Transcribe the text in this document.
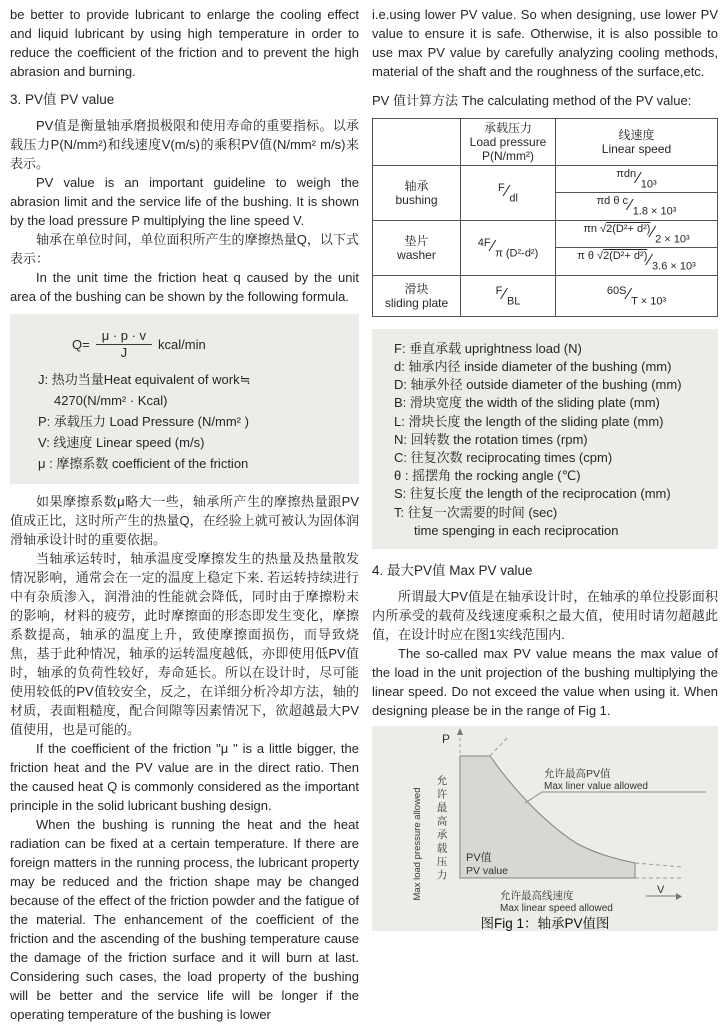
be better to provide lubricant to enlarge the cooling effect and liquid lubricant by using high temperature in order to reduce the coefficient of the friction and to prevent the high abrasion and burning.

3. PV值 PV value

PV值是衡量轴承磨损极限和使用寿命的重要指标。以承载压力P(N/mm²)和线速度V(m/s)的乘积PV值(N/mm² m/s)来表示。

PV value is an important guideline to weigh the abrasion limit and the service life of the bushing. It is shown by the load pressure P multiplying the line speed V.

轴承在单位时间，单位面积所产生的摩擦热量Q，以下式表示：

In the unit time the friction heat q caused by the unit area of the bushing can be shown by the following formula.

$Q= \frac{\mu \cdot p \cdot v}{J}$ kcal/min
J: 热功当量Heat equivalent of work≒
4270(N/mm² · Kcal)
P: 承载压力 Load Pressure (N/mm² )
V: 线速度 Linear speed (m/s)
μ : 摩擦系数 coefficient of the friction

如果摩擦系数μ略大一些，轴承所产生的摩擦热量跟PV值成正比，这时所产生的热量Q，在经验上就可被认为固体润滑轴承设计时的重要依据。

当轴承运转时，轴承温度受摩擦发生的热量及热量散发情况影响，通常会在一定的温度上稳定下来. 若运转持续进行中有杂质渗入，润滑油的性能就会降低，同时由于摩擦粉末的影响，材料的疲劳，此时摩擦面的形态即发生变化，摩擦系数提高，轴承的温度上升，致使摩擦面损伤，而导致烧焦，基于此种情况，轴承的运转温度越低，亦即使用低PV值时，轴承的负荷性较好，寿命延长。所以在设计时，尽可能使用较低的PV值较安全，反之，在详细分析冷却方法，轴的材质，表面粗糙度，配合间隙等因素情况下，欲超越最大PV值使用，也是可能的。

If the coefficient of the friction "μ " is a little bigger, the friction heat and the PV value are in the direct ratio. Then the caused heat Q is commonly considered as the important principle in the solid lubricant bushing design.

When the bushing is running the heat and the heat radiation can be fixed at a certain temperature. If there are foreign matters in the running process, the lubricant property may be reduced and the friction shape may be changed because of the effect of the friction powder and the fatigue of the material. The enhancement of the coefficient of the friction and the ascending of the bushing temperature cause the damage of the friction surface and it will burn at last. Considering such cases, the load property of the bushing will be better and the service life will be longer if the operating temperature of the bushing is lower

i.e.using lower PV value. So when designing, use lower PV value to ensure it is safe. Otherwise, it is also possible to use max PV value by carefully analyzing cooling methods, material of the shaft and the roughness of the surface,etc.

PV 值计算方法 The calculating method of the PV value:
承载压力
Load pressure
P(N/mm²)
线速度
Linear speed
轴承
bushing
F∕dl
πdn∕10³
πd θ c∕1.8 × 10³
垫片
washer
4F∕π (D²-d²)
πn √2(D²+ d²)∕2 × 10³
π θ √2(D²+ d²)∕3.6 × 10³
滑块
sliding plate
F∕BL
60S∕T × 10³
F: 垂直承载 uprightness load (N)
d: 轴承内径 inside diameter of the bushing (mm)
D: 轴承外径 outside diameter of the bushing (mm)
B: 滑块宽度 the width of the sliding plate (mm)
L: 滑块长度 the length of the sliding plate (mm)
N: 回转数 the rotation times (rpm)
C: 往复次数 reciprocating times (cpm)
θ : 摇摆角 the rocking angle (℃)
S: 往复长度 the length of the reciprocation (mm)
T: 往复一次需要的时间 (sec)
time spenging in each reciprocation
4. 最大PV值 Max PV value

所谓最大PV值是在轴承设计时，在轴承的单位投影面积内所承受的载荷及线速度乘积之最大值，使用时请勿超越此值，在设计时应在图1实线范围内.

The so-called max PV value means the max value of the load in the unit projection of the bushing multiplying the linear speed. Do not exceed the value when using it. When designing please be in the range of Fig 1.

P
V
允许最高承载压力
Max load pressure allowed	PV值
PV value
允许最高PV值
Max liner value allowed
允许最高线速度
Max linear speed allowed
图Fig 1：轴承PV值图
